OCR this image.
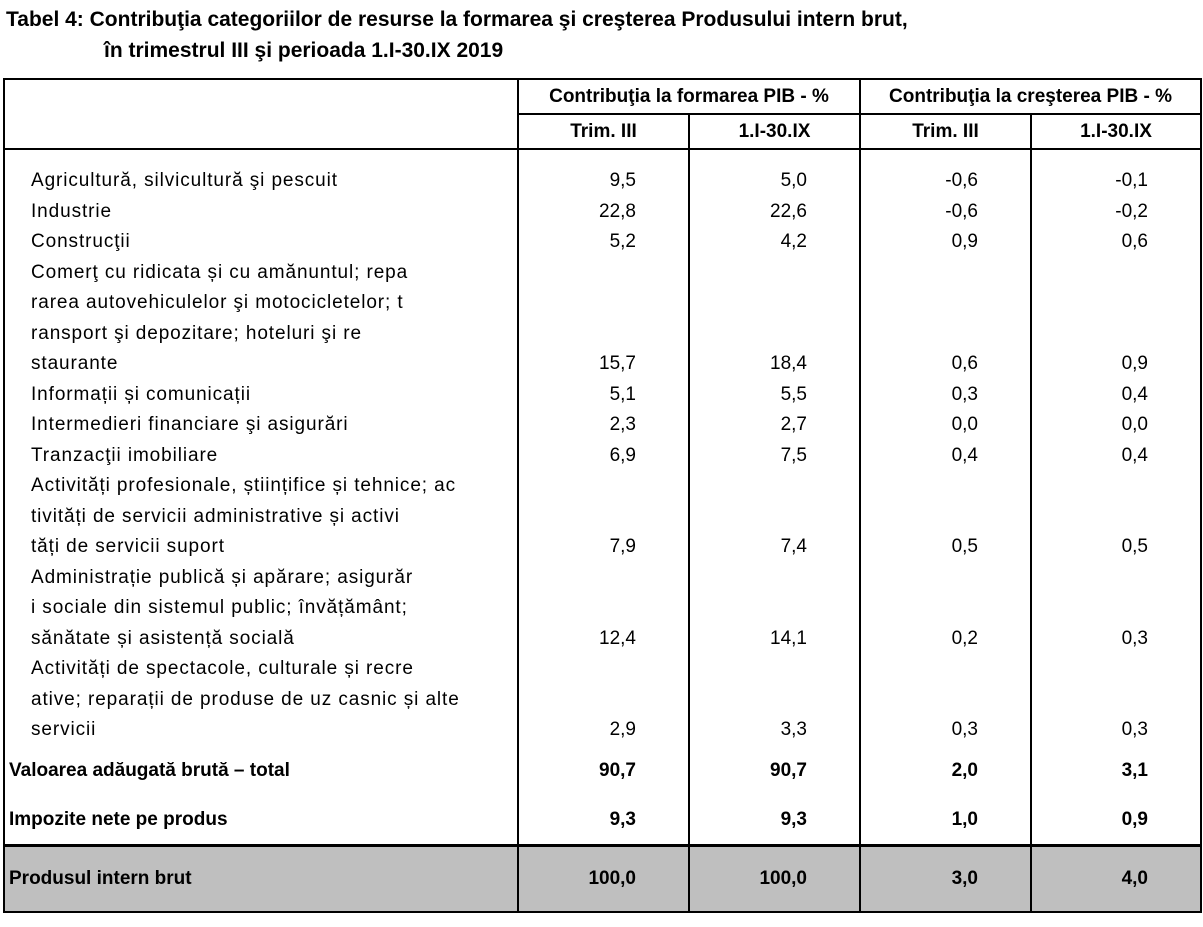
Tabel 4: Contribuţia categoriilor de resurse la formarea şi creşterea Produsului intern brut,
în trimestrul III şi perioada 1.I-30.IX 2019
	Contribuţia la formarea PIB - %		Contribuţia la creşterea PIB - %	
	Trim. III	1.I-30.IX	Trim. III	1.I-30.IX

Agricultură, silvicultură şi pescuit	9,5	5,0	-0,6	-0,1
Industrie	22,8	22,6	-0,6	-0,2
Construcţii	5,2	4,2	0,9	0,6

Comerţ cu ridicata și cu amănuntul; repa
rarea autovehiculelor şi motocicletelor; t
ransport şi depozitare; hoteluri şi re
staurante	15,7	18,4	0,6	0,9
Informații și comunicații	5,1	5,5	0,3	0,4
Intermedieri financiare şi asigurări	2,3	2,7	0,0	0,0
Tranzacţii imobiliare	6,9	7,5	0,4	0,4

Activități profesionale, științifice și tehnice; ac
tivități de servicii administrative și activi
tăți de servicii suport	7,9	7,4	0,5	0,5

Administrație publică și apărare; asigurăr
i sociale din sistemul public; învățământ;
sănătate și asistență socială	12,4	14,1	0,2	0,3

Activități de spectacole, culturale și recre
ative; reparații de produse de uz casnic și alte
servicii	2,9	3,3	0,3	0,3
Valoarea adăugată brută – total	90,7	90,7	2,0	3,1
Impozite nete pe produs	9,3	9,3	1,0	0,9
Produsul intern brut	100,0	100,0	3,0	4,0
